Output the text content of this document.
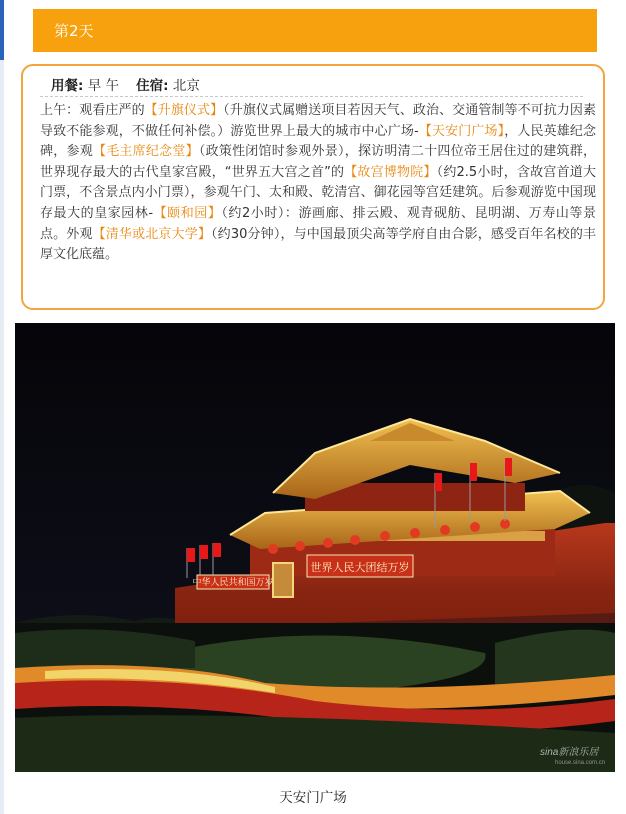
第2天
用餐: 早 午 住宿: 北京
上午：观看庄严的【升旗仪式】（升旗仪式属赠送项目若因天气、政治、交通管制等不可抗力因素导致不能参观，不做任何补偿。）游览世界上最大的城市中心广场-【天安门广场】，人民英雄纪念碑，参观【毛主席纪念堂】（政策性闭馆时参观外景），探访明清二十四位帝王居住过的建筑群，世界现存最大的古代皇家宫殿，“世界五大宫之首”的【故宫博物院】（约2.5小时，含故宫首道大门票，不含景点内小门票），参观午门、太和殿、乾清宫、御花园等宫廷建筑。后参观游览中国现存最大的皇家园林-【颐和园】（约2小时）：游画廊、排云殿、观青砚舫、昆明湖、万寿山等景点。外观【清华或北京大学】（约30分钟），与中国最顶尖高等学府自由合影，感受百年名校的丰厚文化底蕴。
中华人民共和国万岁
世界人民大团结万岁
sina新浪乐居
house.sina.com.cn
天安门广场
